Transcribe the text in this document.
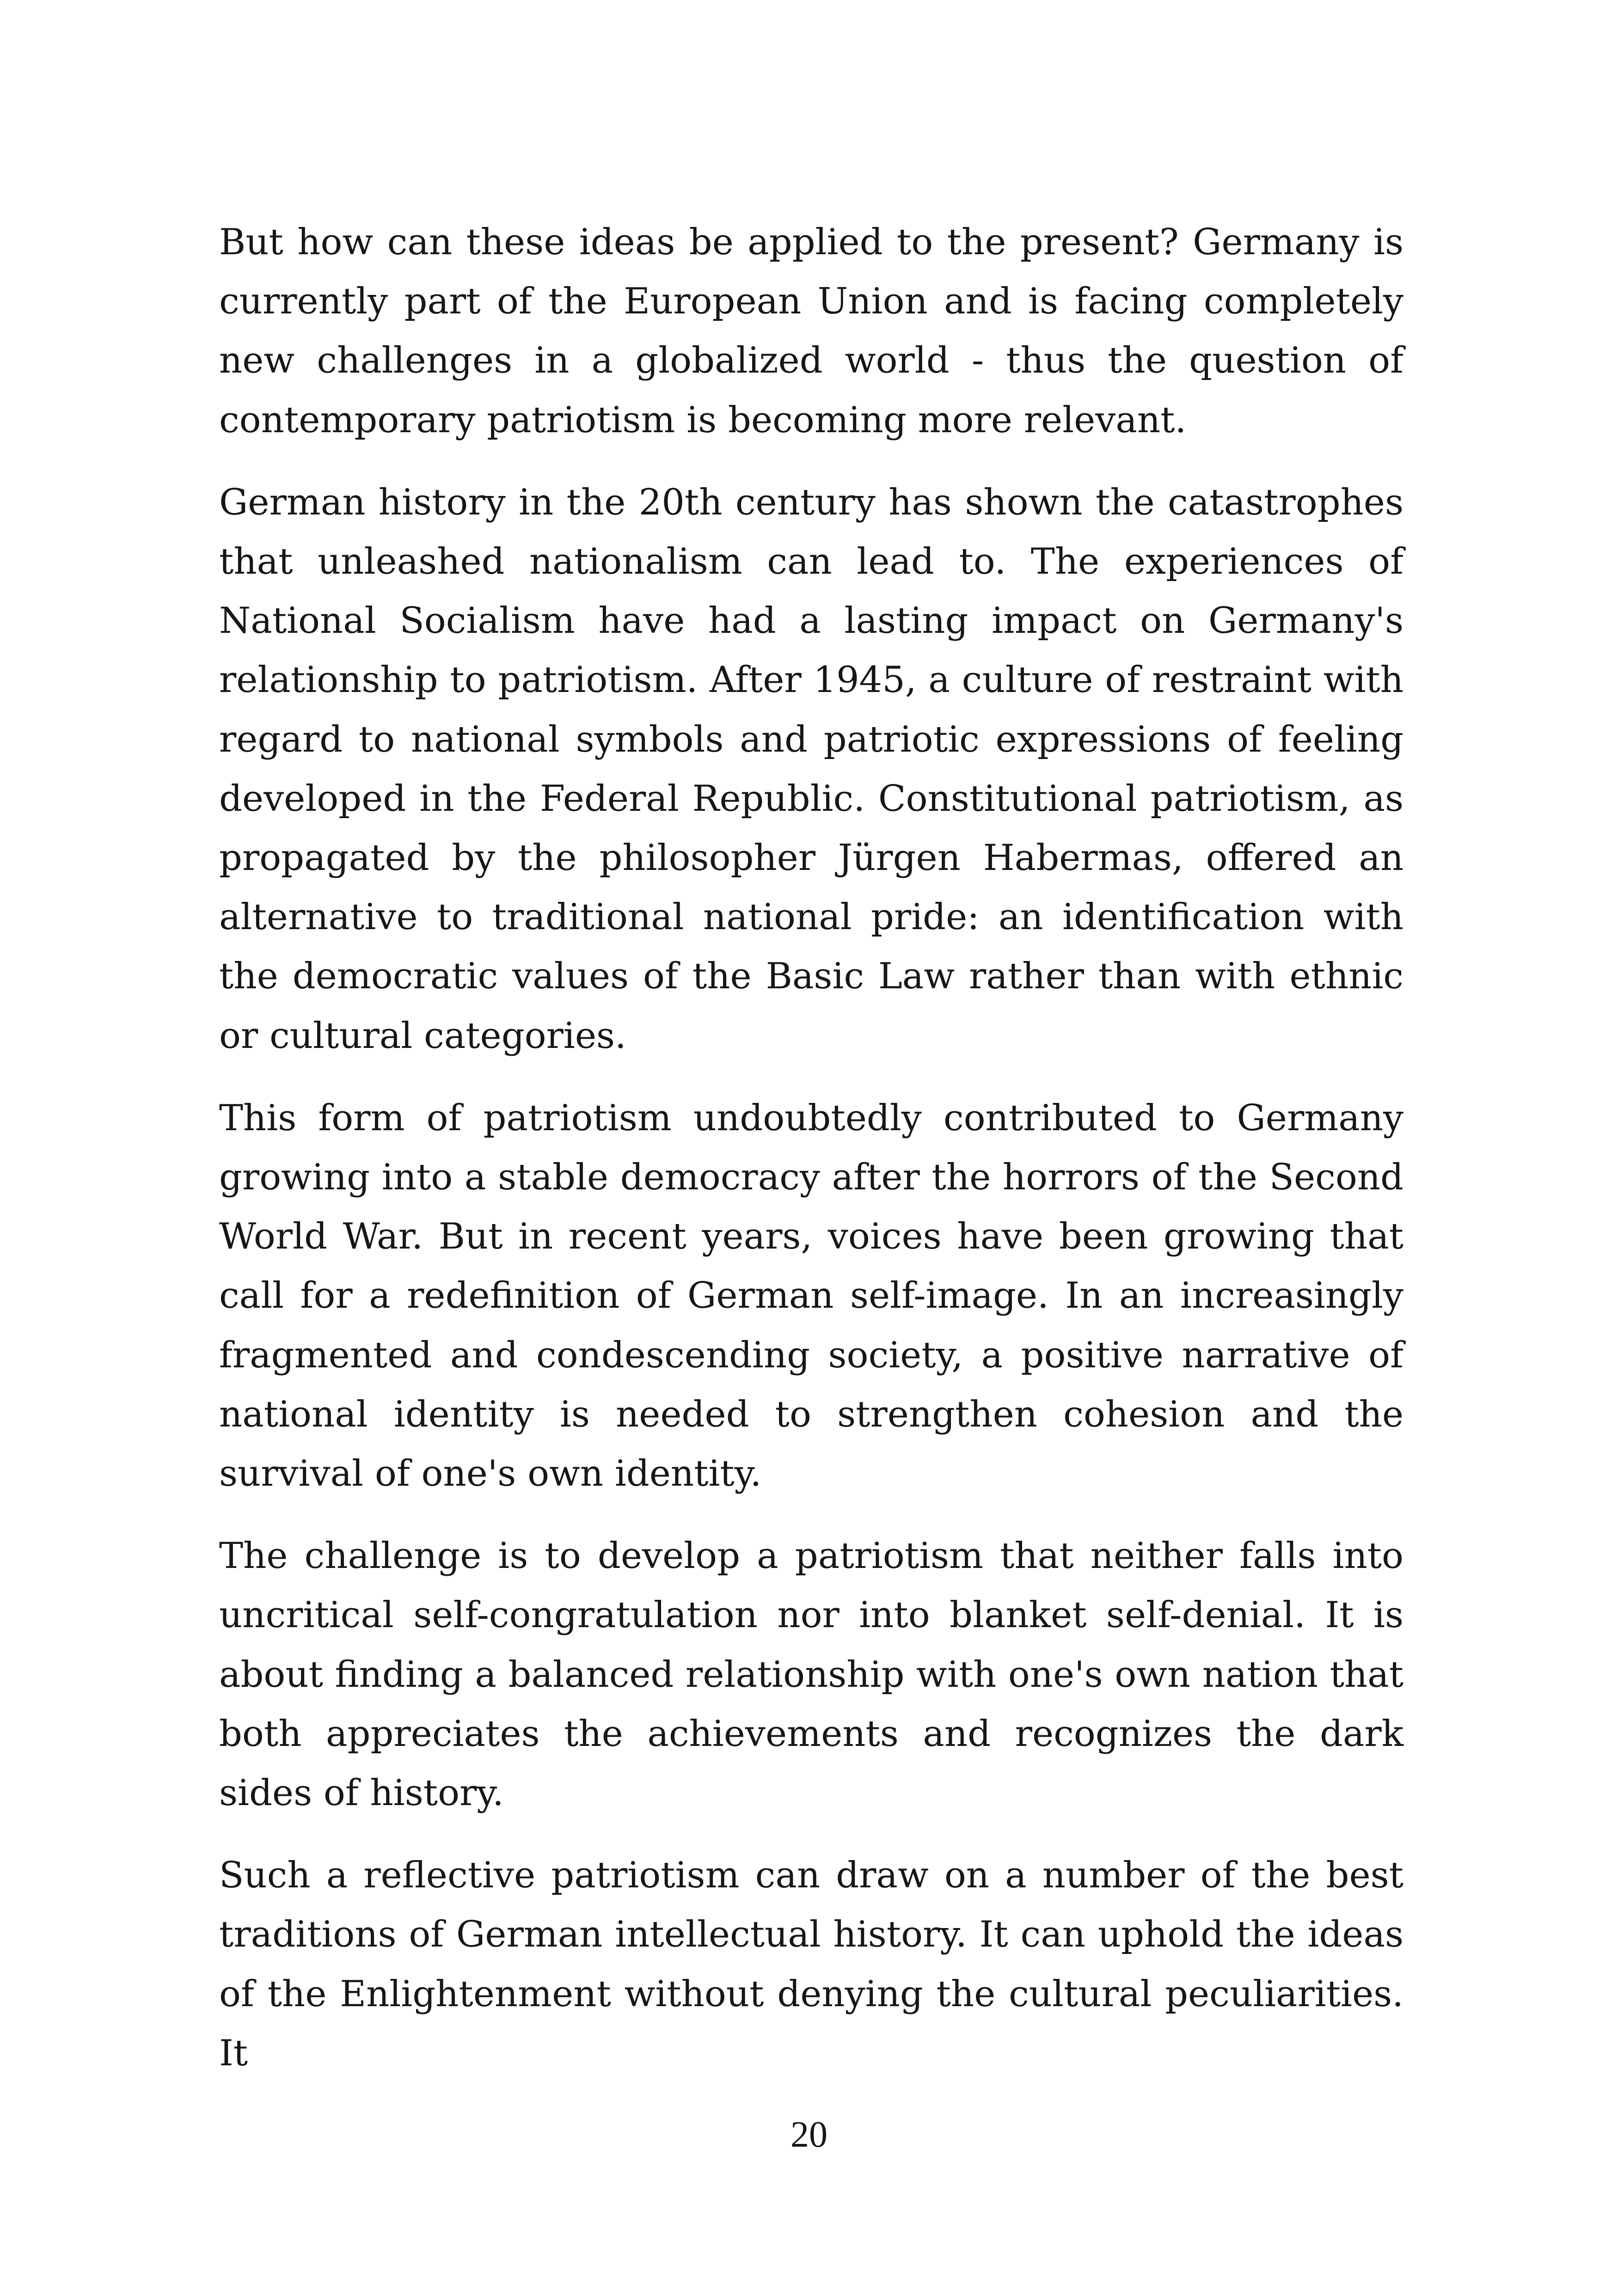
But how can these ideas be applied to the present? Germany is currently part of the European Union and is facing completely new challenges in a globalized world - thus the question of contemporary patriotism is becoming more relevant.

German history in the 20th century has shown the catastrophes that unleashed nationalism can lead to. The experiences of National Socialism have had a lasting impact on Germany's relationship to patriotism. After 1945, a culture of restraint with regard to national symbols and patriotic expressions of feeling developed in the Federal Republic. Constitutional patriotism, as propagated by the philosopher Jürgen Habermas, offered an alternative to traditional national pride: an identification with the democratic values of the Basic Law rather than with ethnic or cultural categories.

This form of patriotism undoubtedly contributed to Germany growing into a stable democracy after the horrors of the Second World War. But in recent years, voices have been growing that call for a redefinition of German self-image. In an increasingly fragmented and condescending society, a positive narrative of national identity is needed to strengthen cohesion and the survival of one's own identity.

The challenge is to develop a patriotism that neither falls into uncritical self-congratulation nor into blanket self-denial. It is about finding a balanced relationship with one's own nation that both appreciates the achievements and recognizes the dark sides of history.

Such a reflective patriotism can draw on a number of the best traditions of German intellectual history. It can uphold the ideas of the Enlightenment without denying the cultural peculiarities. It

20
